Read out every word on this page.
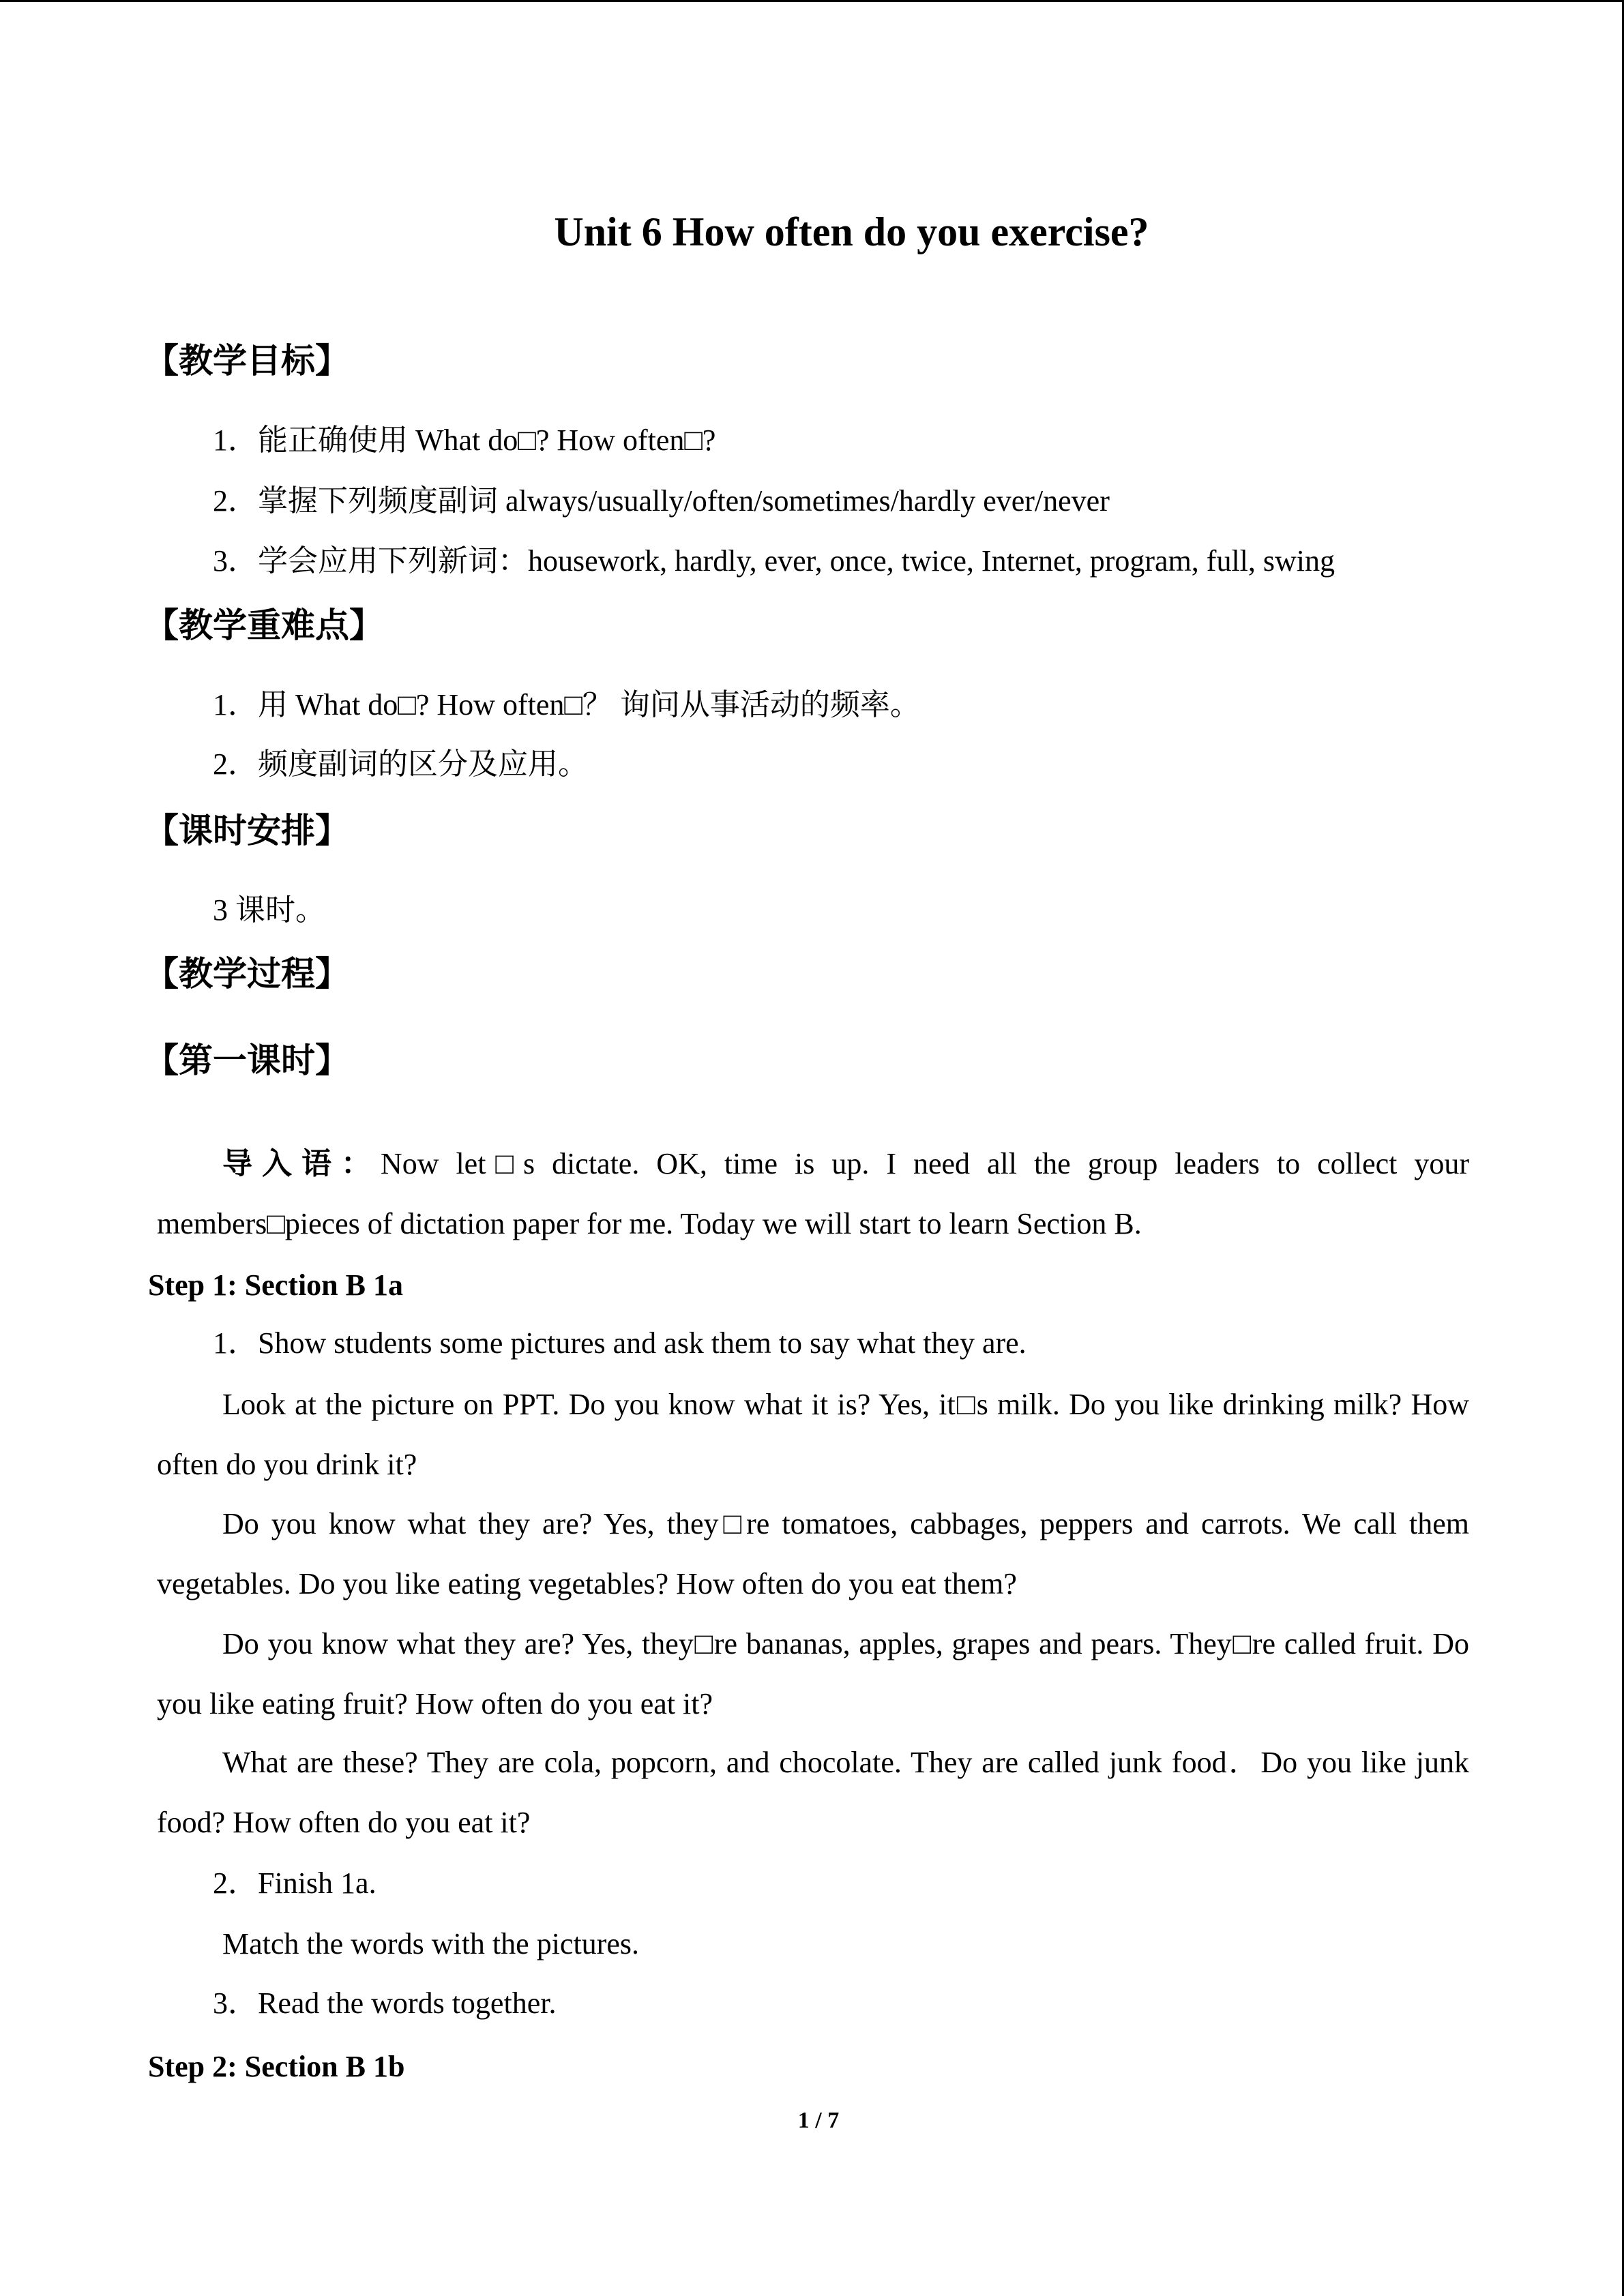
Unit 6 How often do you exercise?
【教学目标】
1．能正确使用 What do□? How often□?
2．掌握下列频度副词 always/usually/often/sometimes/hardly ever/never
3．学会应用下列新词：housework, hardly, ever, once, twice, Internet, program, full, swing
【教学重难点】
1．用 What do□? How often□？ 询问从事活动的频率。
2．频度副词的区分及应用。
【课时安排】
3 课时。
【教学过程】
【第一课时】
导入语：Now let□s dictate. OK, time is up. I need all the group leaders to collect your members□pieces of dictation paper for me. Today we will start to learn Section B.
Step 1: Section B 1a
1．Show students some pictures and ask them to say what they are.
Look at the picture on PPT. Do you know what it is? Yes, it□s milk. Do you like drinking milk? How often do you drink it?
Do you know what they are? Yes, they□re tomatoes, cabbages, peppers and carrots. We call them vegetables. Do you like eating vegetables? How often do you eat them?
Do you know what they are? Yes, they□re bananas, apples, grapes and pears. They□re called fruit. Do you like eating fruit? How often do you eat it?
What are these? They are cola, popcorn, and chocolate. They are called junk food．Do you like junk food? How often do you eat it?
2．Finish 1a.
Match the words with the pictures.
3．Read the words together.
Step 2: Section B 1b
1 / 7
